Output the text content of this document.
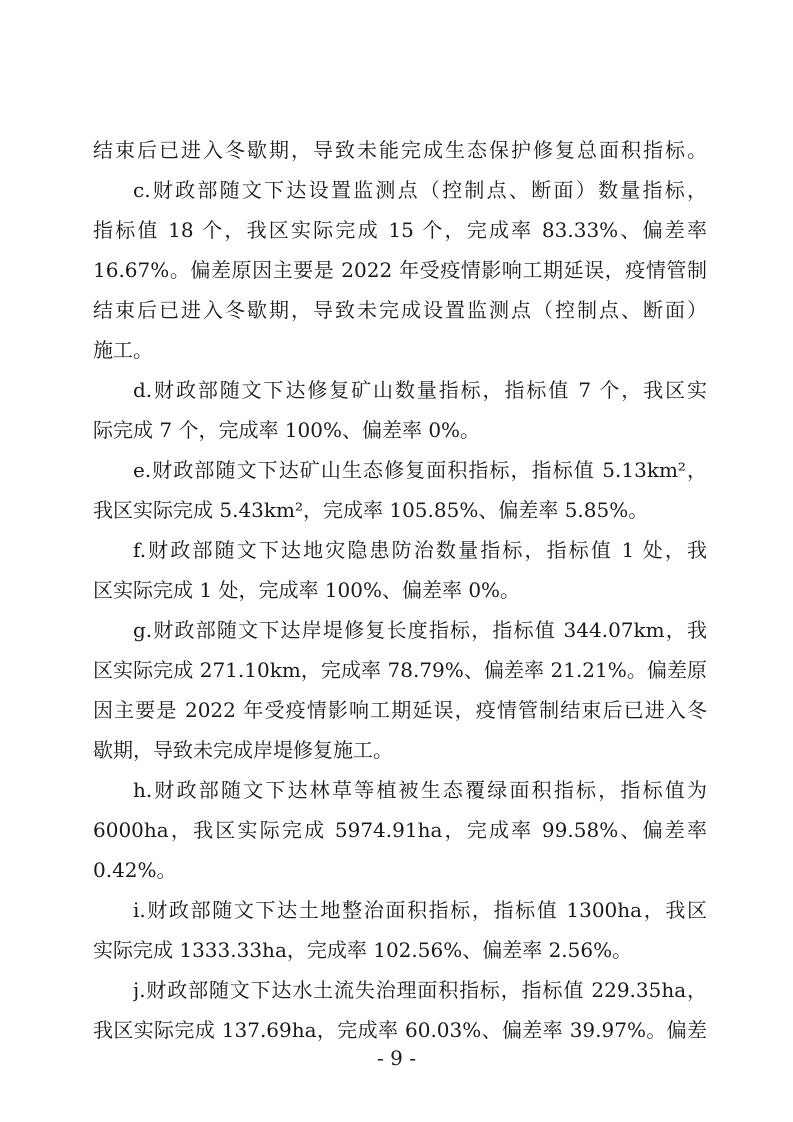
结束后已进入冬歇期，导致未能完成生态保护修复总面积指标。
c.财政部随文下达设置监测点（控制点、断面）数量指标，
指标值 18 个，我区实际完成 15 个，完成率 83.33%、偏差率
16.67%。偏差原因主要是 2022 年受疫情影响工期延误，疫情管制
结束后已进入冬歇期，导致未完成设置监测点（控制点、断面）
施工。
d.财政部随文下达修复矿山数量指标，指标值 7 个，我区实
际完成 7 个，完成率 100%、偏差率 0%。
e.财政部随文下达矿山生态修复面积指标，指标值 5.13km²，
我区实际完成 5.43km²，完成率 105.85%、偏差率 5.85%。
f.财政部随文下达地灾隐患防治数量指标，指标值 1 处，我
区实际完成 1 处，完成率 100%、偏差率 0%。
g.财政部随文下达岸堤修复长度指标，指标值 344.07km，我
区实际完成 271.10km，完成率 78.79%、偏差率 21.21%。偏差原
因主要是 2022 年受疫情影响工期延误，疫情管制结束后已进入冬
歇期，导致未完成岸堤修复施工。
h.财政部随文下达林草等植被生态覆绿面积指标，指标值为
6000ha，我区实际完成 5974.91ha，完成率 99.58%、偏差率
0.42%。
i.财政部随文下达土地整治面积指标，指标值 1300ha，我区
实际完成 1333.33ha，完成率 102.56%、偏差率 2.56%。
j.财政部随文下达水土流失治理面积指标，指标值 229.35ha，
我区实际完成 137.69ha，完成率 60.03%、偏差率 39.97%。偏差
- 9 -
